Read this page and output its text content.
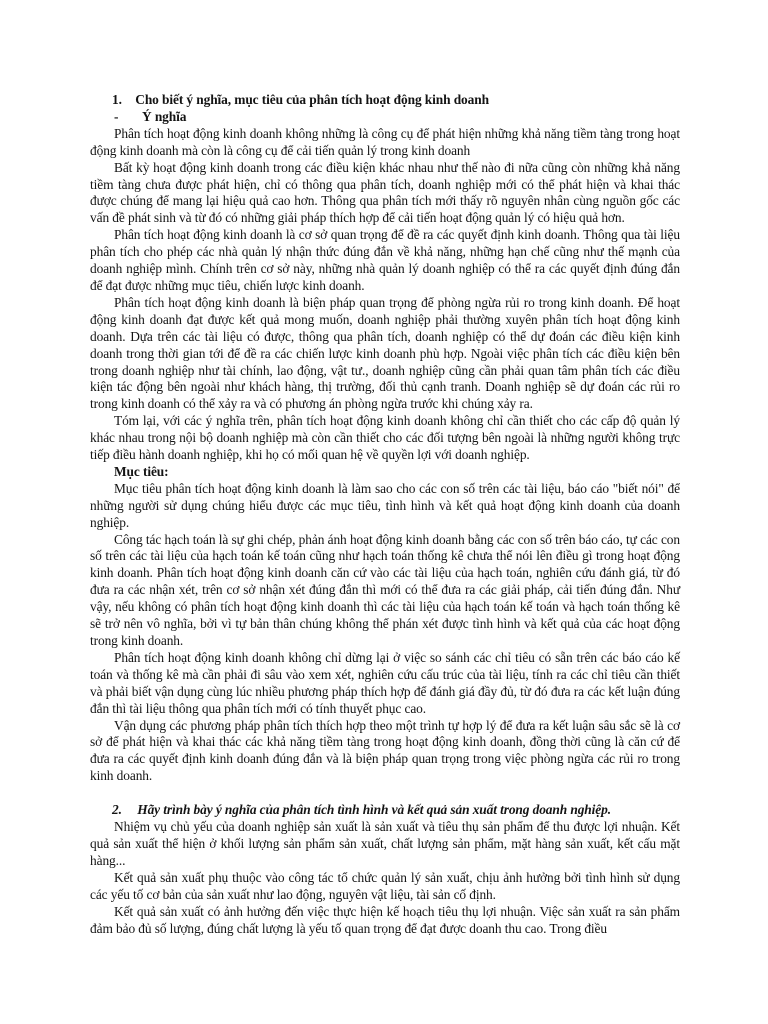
1. Cho biết ý nghĩa, mục tiêu của phân tích hoạt động kinh doanh
- Ý nghĩa

Phân tích hoạt động kinh doanh không những là công cụ để phát hiện những khả năng tiềm tàng trong hoạt động kinh doanh mà còn là công cụ để cải tiến quản lý trong kinh doanh

Bất kỳ hoạt động kinh doanh trong các điều kiện khác nhau như thế nào đi nữa cũng còn những khả năng tiềm tàng chưa được phát hiện, chỉ có thông qua phân tích, doanh nghiệp mới có thể phát hiện và khai thác được chúng để mang lại hiệu quả cao hơn. Thông qua phân tích mới thấy rõ nguyên nhân cùng nguồn gốc các vấn đề phát sinh và từ đó có những giải pháp thích hợp để cải tiến hoạt động quản lý có hiệu quả hơn.

Phân tích hoạt động kinh doanh là cơ sở quan trọng để đề ra các quyết định kinh doanh. Thông qua tài liệu phân tích cho phép các nhà quản lý nhận thức đúng đắn về khả năng, những hạn chế cũng như thế mạnh của doanh nghiệp mình. Chính trên cơ sở này, những nhà quản lý doanh nghiệp có thể ra các quyết định đúng đắn để đạt được những mục tiêu, chiến lược kinh doanh.

Phân tích hoạt động kinh doanh là biện pháp quan trọng để phòng ngừa rủi ro trong kinh doanh. Để hoạt động kinh doanh đạt được kết quả mong muốn, doanh nghiệp phải thường xuyên phân tích hoạt động kinh doanh. Dựa trên các tài liệu có được, thông qua phân tích, doanh nghiệp có thể dự đoán các điều kiện kinh doanh trong thời gian tới để đề ra các chiến lược kinh doanh phù hợp. Ngoài việc phân tích các điều kiện bên trong doanh nghiệp như tài chính, lao động, vật tư., doanh nghiệp cũng cần phải quan tâm phân tích các điều kiện tác động bên ngoài như khách hàng, thị trường, đối thủ cạnh tranh. Doanh nghiệp sẽ dự đoán các rủi ro trong kinh doanh có thể xảy ra và có phương án phòng ngừa trước khi chúng xảy ra.

Tóm lại, với các ý nghĩa trên, phân tích hoạt động kinh doanh không chỉ cần thiết cho các cấp độ quản lý khác nhau trong nội bộ doanh nghiệp mà còn cần thiết cho các đối tượng bên ngoài là những người không trực tiếp điều hành doanh nghiệp, khi họ có mối quan hệ về quyền lợi với doanh nghiệp.

Mục tiêu:

Mục tiêu phân tích hoạt động kinh doanh là làm sao cho các con số trên các tài liệu, báo cáo "biết nói" để những người sử dụng chúng hiểu được các mục tiêu, tình hình và kết quả hoạt động kinh doanh của doanh nghiệp.

Công tác hạch toán là sự ghi chép, phản ánh hoạt động kinh doanh bằng các con số trên báo cáo, tự các con số trên các tài liệu của hạch toán kế toán cũng như hạch toán thống kê chưa thể nói lên điều gì trong hoạt động kinh doanh. Phân tích hoạt động kinh doanh căn cứ vào các tài liệu của hạch toán, nghiên cứu đánh giá, từ đó đưa ra các nhận xét, trên cơ sở nhận xét đúng đắn thì mới có thể đưa ra các giải pháp, cải tiến đúng đắn. Như vậy, nếu không có phân tích hoạt động kinh doanh thì các tài liệu của hạch toán kế toán và hạch toán thống kê sẽ trở nên vô nghĩa, bởi vì tự bản thân chúng không thể phán xét được tình hình và kết quả của các hoạt động trong kinh doanh.

Phân tích hoạt động kinh doanh không chỉ dừng lại ở việc so sánh các chỉ tiêu có sẵn trên các báo cáo kế toán và thống kê mà cần phải đi sâu vào xem xét, nghiên cứu cấu trúc của tài liệu, tính ra các chỉ tiêu cần thiết và phải biết vận dụng cùng lúc nhiều phương pháp thích hợp để đánh giá đầy đủ, từ đó đưa ra các kết luận đúng đắn thì tài liệu thông qua phân tích mới có tính thuyết phục cao.

Vận dụng các phương pháp phân tích thích hợp theo một trình tự hợp lý để đưa ra kết luận sâu sắc sẽ là cơ sở để phát hiện và khai thác các khả năng tiềm tàng trong hoạt động kinh doanh, đồng thời cũng là căn cứ để đưa ra các quyết định kinh doanh đúng đắn và là biện pháp quan trọng trong việc phòng ngừa các rủi ro trong kinh doanh.

2. Hãy trình bày ý nghĩa của phân tích tình hình và kết quả sản xuất trong doanh nghiệp.

Nhiệm vụ chủ yếu của doanh nghiệp sản xuất là sản xuất và tiêu thụ sản phẩm để thu được lợi nhuận. Kết quả sản xuất thể hiện ở khối lượng sản phẩm sản xuất, chất lượng sản phẩm, mặt hàng sản xuất, kết cấu mặt hàng...

Kết quả sản xuất phụ thuộc vào công tác tổ chức quản lý sản xuất, chịu ảnh hưởng bởi tình hình sử dụng các yếu tố cơ bản của sản xuất như lao động, nguyên vật liệu, tài sản cố định.

Kết quả sản xuất có ảnh hưởng đến việc thực hiện kế hoạch tiêu thụ lợi nhuận. Việc sản xuất ra sản phẩm đảm bảo đủ số lượng, đúng chất lượng là yếu tố quan trọng để đạt được doanh thu cao. Trong điều
